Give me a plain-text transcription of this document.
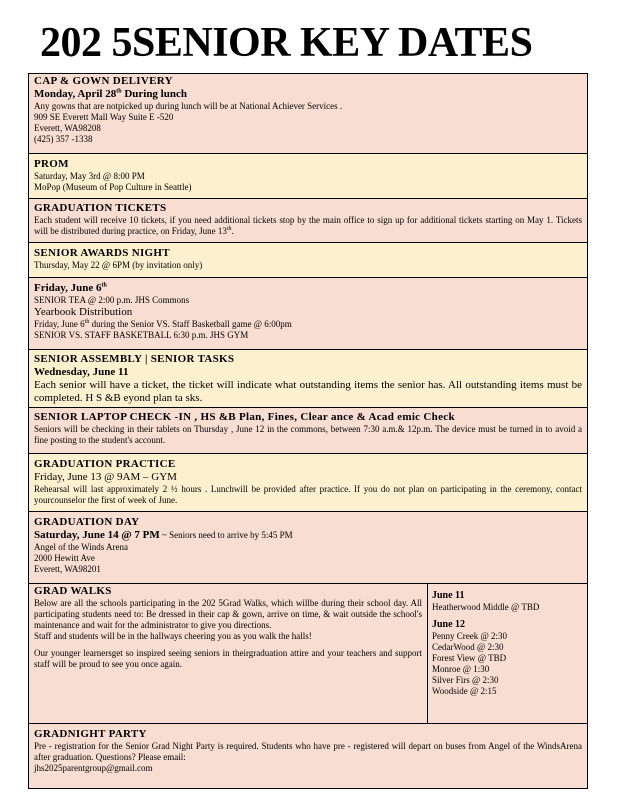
202 5SENIOR KEY DATES
CAP & GOWN DELIVERY
Monday, April 28th During lunch
Any gowns that are notpicked up during lunch will be at National Achiever Services .
909 SE Everett Mall Way Suite E -520
Everett, WA98208
(425) 357 -1338
PROM
Saturday, May 3rd @ 8:00 PM
MoPop (Museum of Pop Culture in Seattle)
GRADUATION TICKETS
Each student will receive 10 tickets, if you need additional tickets stop by the main office to sign up for additional tickets starting on May 1. Tickets will be distributed during practice, on Friday, June 13th.
SENIOR AWARDS NIGHT
Thursday, May 22 @ 6PM (by invitation only)
Friday, June 6th
SENIOR TEA @ 2:00 p.m. JHS Commons
Yearbook Distribution
Friday, June 6th during the Senior VS. Staff Basketball game @ 6:00pm
SENIOR VS. STAFF BASKETBALL 6:30 p.m. JHS GYM
SENIOR ASSEMBLY | SENIOR TASKS
Wednesday, June 11
Each senior will have a ticket, the ticket will indicate what outstanding items the senior has. All outstanding items must be completed. H S &B eyond plan ta sks.
SENIOR LAPTOP CHECK -IN , HS &B Plan, Fines, Clear ance & Acad emic Check
Seniors will be checking in their tablets on Thursday , June 12 in the commons, between 7:30 a.m.& 12p.m. The device must be turned in to avoid a fine posting to the student's account.
GRADUATION PRACTICE
Friday, June 13 @ 9AM – GYM
Rehearsal will last approximately 2 ½ hours . Lunchwill be provided after practice. If you do not plan on participating in the ceremony, contact yourcounselor the first of week of June.
GRADUATION DAY
Saturday, June 14 @ 7 PM ~ Seniors need to arrive by 5:45 PM
Angel of the Winds Arena
2000 Hewitt Ave
Everett, WA98201
GRAD WALKS
Below are all the schools participating in the 202 5Grad Walks, which willbe during their school day. All participating students need to: Be dressed in their cap & gown, arrive on time, & wait outside the school's maintenance and wait for the administrator to give you directions.
Staff and students will be in the hallways cheering you as you walk the halls!
Our younger learnersget so inspired seeing seniors in theirgraduation attire and your teachers and support staff will be proud to see you once again.
June 11
Heatherwood Middle @ TBD
June 12
Penny Creek @ 2:30
CedarWood @ 2:30
Forest View @ TBD
Monroe @ 1:30
Silver Firs @ 2:30
Woodside @ 2:15
GRADNIGHT PARTY
Pre - registration for the Senior Grad Night Party is required. Students who have pre - registered will depart on buses from Angel of the WindsArena after graduation. Questions? Please email:
jhs2025parentgroup@gmail.com
